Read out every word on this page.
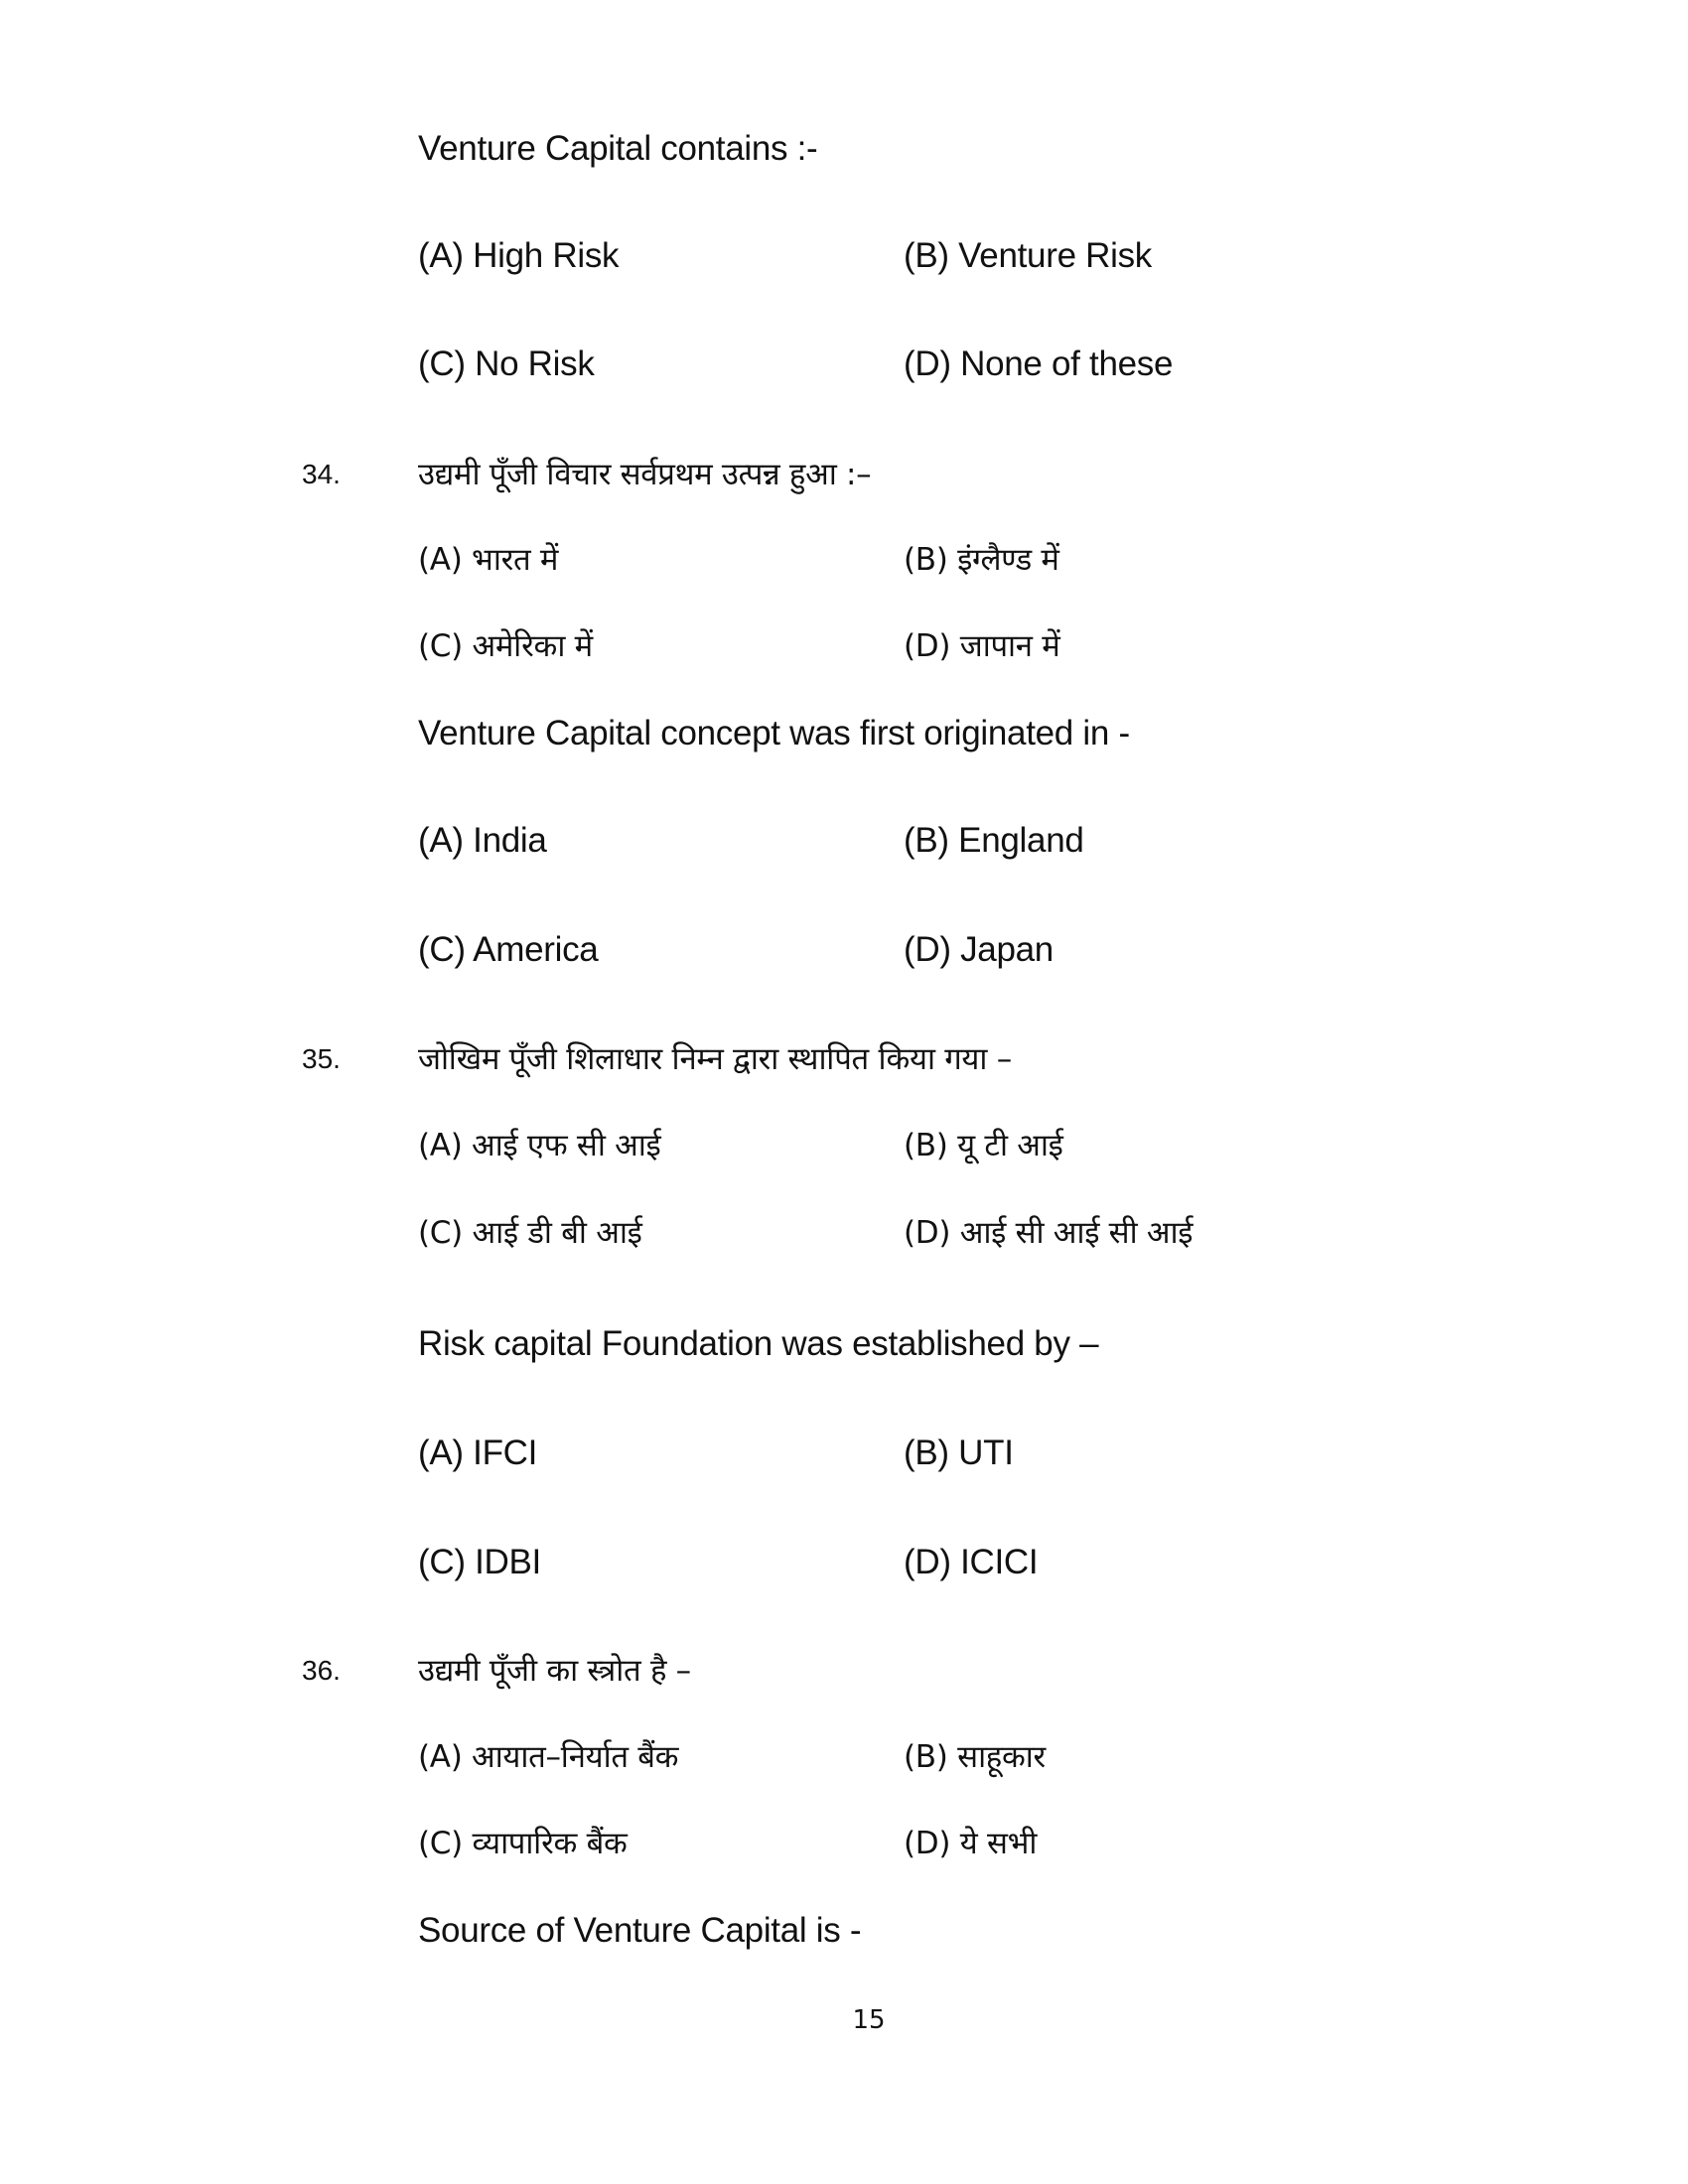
Venture Capital contains :-
(A) High Risk	(B) Venture Risk
(C) No Risk	(D) None of these
34.	उद्यमी पूँजी विचार सर्वप्रथम उत्पन्न हुआ :–
(A) भारत में	(B) इंग्लैण्ड में
(C) अमेरिका में	(D) जापान में
Venture Capital concept was first originated in -
(A) India	(B) England
(C) America	(D) Japan
35.	जोखिम पूँजी शिलाधार निम्न द्वारा स्थापित किया गया –
(A) आई एफ सी आई	(B) यू टी आई
(C) आई डी बी आई	(D) आई सी आई सी आई
Risk capital Foundation was established by –
(A) IFCI	(B) UTI
(C) IDBI	(D) ICICI
36.	उद्यमी पूँजी का स्त्रोत है –
(A) आयात–निर्यात बैंक	(B) साहूकार
(C) व्यापारिक बैंक	(D) ये सभी
Source of Venture Capital is -
15
